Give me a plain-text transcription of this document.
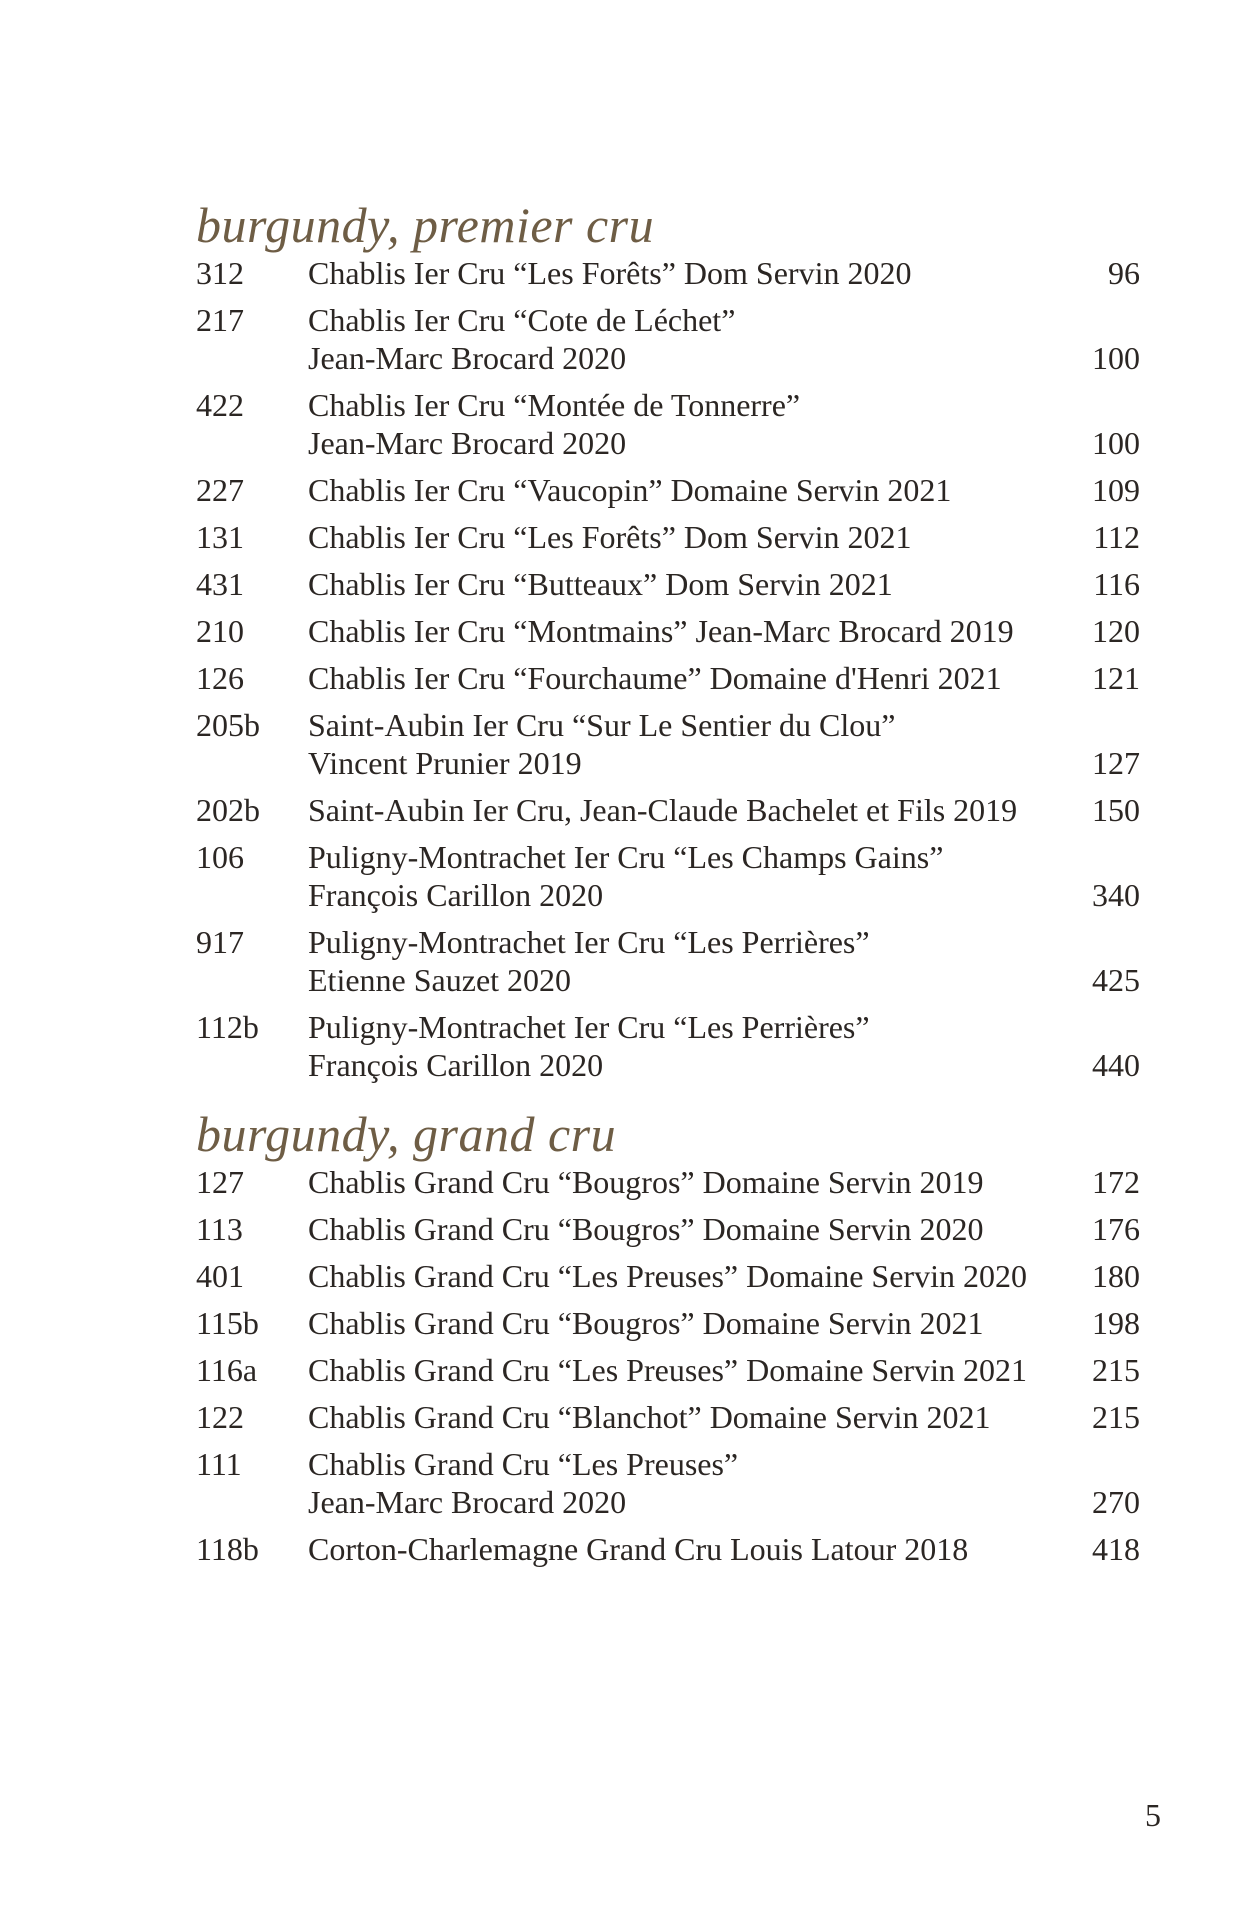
burgundy, premier cru
312 Chablis Ier Cru “Les Forêts” Dom Servin 2020	96
217 Chablis Ier Cru “Cote de Léchet”
Jean-Marc Brocard 2020	100
422 Chablis Ier Cru “Montée de Tonnerre”
Jean-Marc Brocard 2020	100
227 Chablis Ier Cru “Vaucopin” Domaine Servin 2021	109
131 Chablis Ier Cru “Les Forêts” Dom Servin 2021	112
431 Chablis Ier Cru “Butteaux” Dom Servin 2021	116
210 Chablis Ier Cru “Montmains” Jean-Marc Brocard 2019	120
126 Chablis Ier Cru “Fourchaume” Domaine d'Henri 2021	121
205b Saint-Aubin Ier Cru “Sur Le Sentier du Clou”
Vincent Prunier 2019	127
202b Saint-Aubin Ier Cru, Jean-Claude Bachelet et Fils 2019	150
106 Puligny-Montrachet Ier Cru “Les Champs Gains”
François Carillon 2020	340
917 Puligny-Montrachet Ier Cru “Les Perrières”
Etienne Sauzet 2020	425
112b Puligny-Montrachet Ier Cru “Les Perrières”
François Carillon 2020	440
burgundy, grand cru
127 Chablis Grand Cru “Bougros” Domaine Servin 2019	172
113 Chablis Grand Cru “Bougros” Domaine Servin 2020	176
401 Chablis Grand Cru “Les Preuses” Domaine Servin 2020	180
115b Chablis Grand Cru “Bougros” Domaine Servin 2021	198
116a Chablis Grand Cru “Les Preuses” Domaine Servin 2021	215
122 Chablis Grand Cru “Blanchot” Domaine Servin 2021	215
111 Chablis Grand Cru “Les Preuses”
Jean-Marc Brocard 2020	270
118b Corton-Charlemagne Grand Cru Louis Latour 2018	418
5
